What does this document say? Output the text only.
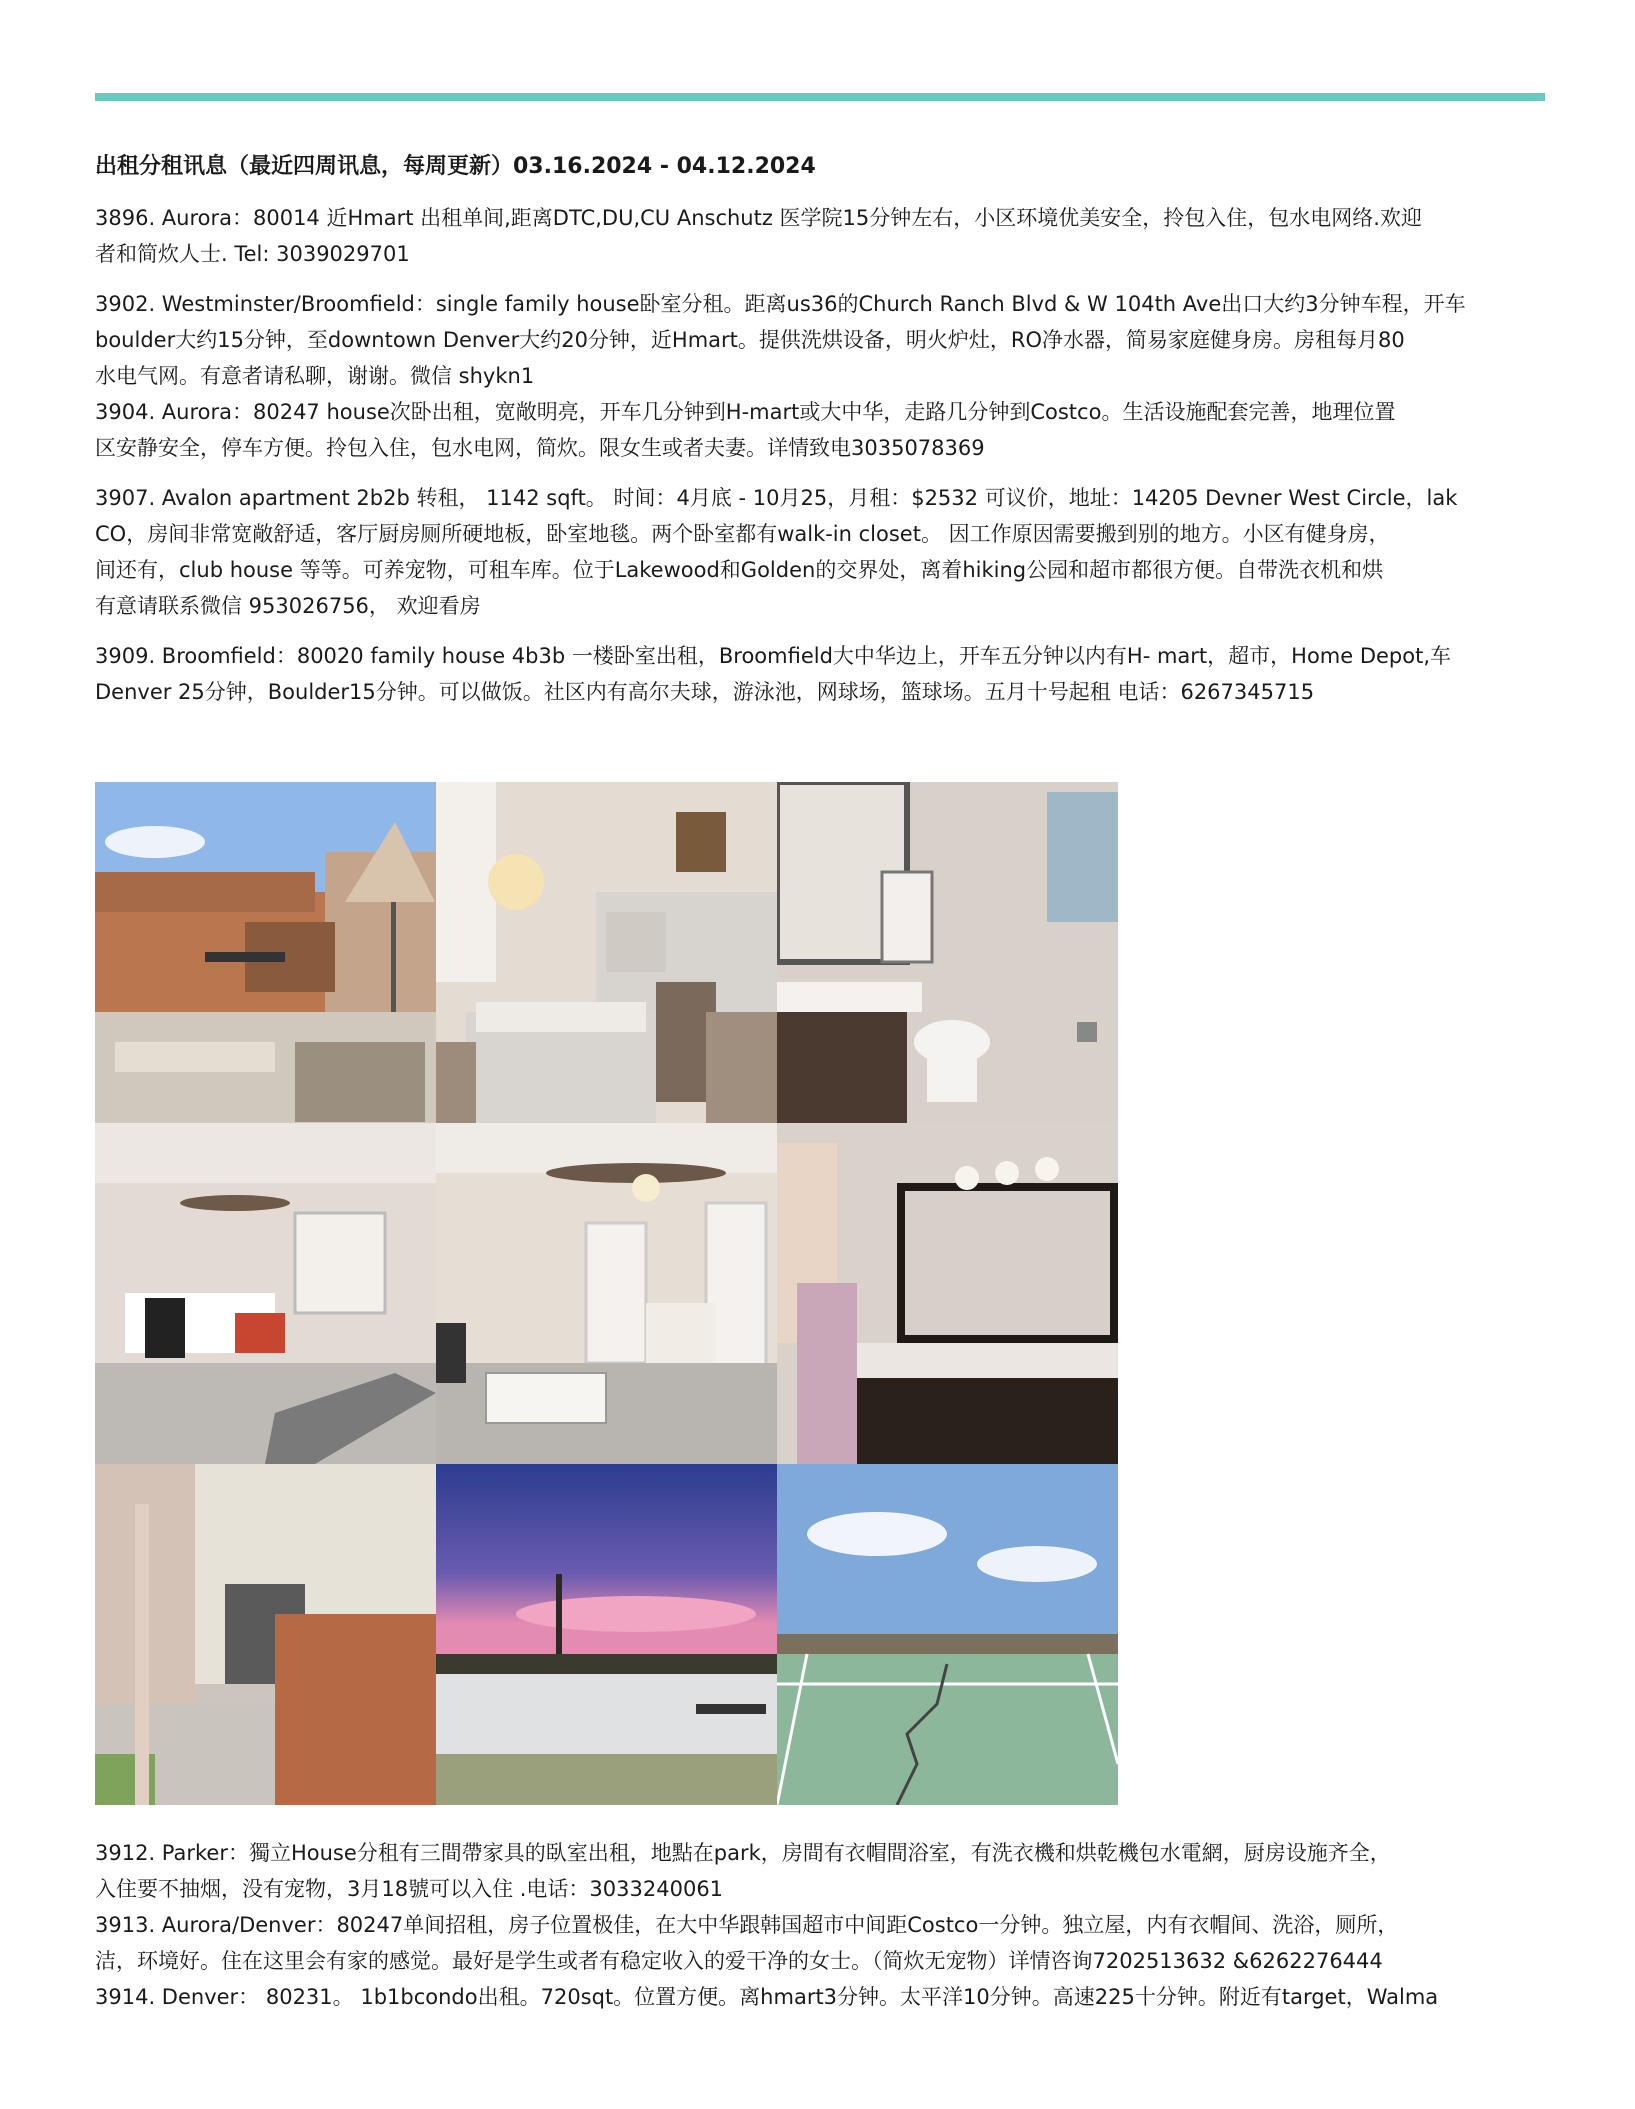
出租分租讯息（最近四周讯息，每周更新）03.16.2024 - 04.12.2024

3896. Aurora：80014 近Hmart 出租单间,距离DTC,DU,CU Anschutz 医学院15分钟左右，小区环境优美安全，拎包入住，包水电网络.欢迎
者和简炊人士. Tel: 3039029701

3902. Westminster/Broomfield：single family house卧室分租。距离us36的Church Ranch Blvd & W 104th Ave出口大约3分钟车程，开车
boulder大约15分钟，至downtown Denver大约20分钟，近Hmart。提供洗烘设备，明火炉灶，RO净水器，简易家庭健身房。房租每月80
水电气网。有意者请私聊，谢谢。微信 shykn1

3904. Aurora：80247 house次卧出租，宽敞明亮，开车几分钟到H-mart或大中华，走路几分钟到Costco。生活设施配套完善，地理位置
区安静安全，停车方便。拎包入住，包水电网，简炊。限女生或者夫妻。详情致电3035078369

3907. Avalon apartment 2b2b 转租， 1142 sqft。 时间：4月底 - 10月25，月租：$2532 可议价，地址：14205 Devner West Circle，lak
CO，房间非常宽敞舒适，客厅厨房厕所硬地板，卧室地毯。两个卧室都有walk-in closet。 因工作原因需要搬到别的地方。小区有健身房，
间还有，club house 等等。可养宠物，可租车库。位于Lakewood和Golden的交界处，离着hiking公园和超市都很方便。自带洗衣机和烘
有意请联系微信 953026756， 欢迎看房

3909. Broomfield：80020 family house 4b3b 一楼卧室出租，Broomfield大中华边上，开车五分钟以内有H- mart，超市，Home Depot,车
Denver 25分钟，Boulder15分钟。可以做饭。社区内有高尔夫球，游泳池，网球场，篮球场。五月十号起租 电话：6267345715

3912. Parker：獨立House分租有三間帶家具的臥室出租，地點在park，房間有衣帽間浴室，有洗衣機和烘乾機包水電網，厨房设施齐全，
入住要不抽烟，没有宠物，3月18號可以入住 .电话：3033240061

3913. Aurora/Denver：80247单间招租，房子位置极佳，在大中华跟韩国超市中间距Costco一分钟。独立屋，内有衣帽间、洗浴，厕所，
洁，环境好。住在这里会有家的感觉。最好是学生或者有稳定收入的爱干净的女士。（简炊无宠物）详情咨询7202513632 &6262276444

3914. Denver： 80231。 1b1bcondo出租。720sqt。位置方便。离hmart3分钟。太平洋10分钟。高速225十分钟。附近有target，Walma
